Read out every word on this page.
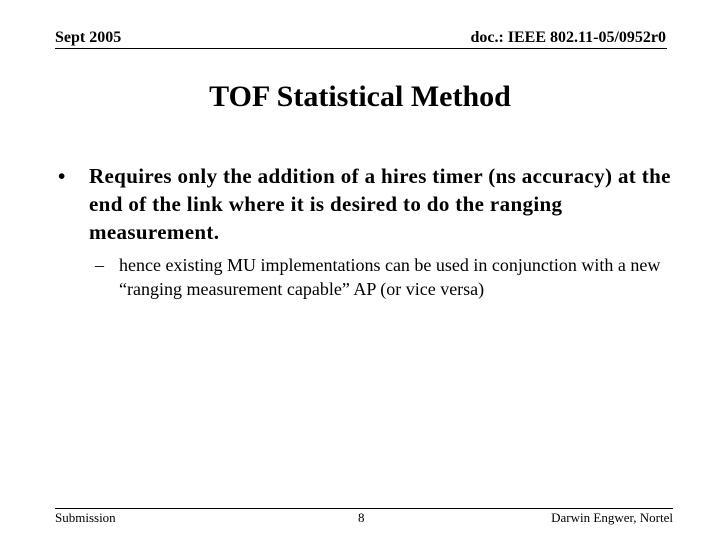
Sept 2005	doc.: IEEE 802.11-05/0952r0
TOF Statistical Method
• Requires only the addition of a hires timer (ns accuracy) at the end of the link where it is desired to do the ranging measurement.
– hence existing MU implementations can be used in conjunction with a new “ranging measurement capable” AP (or vice versa)
Submission	8	Darwin Engwer, Nortel
